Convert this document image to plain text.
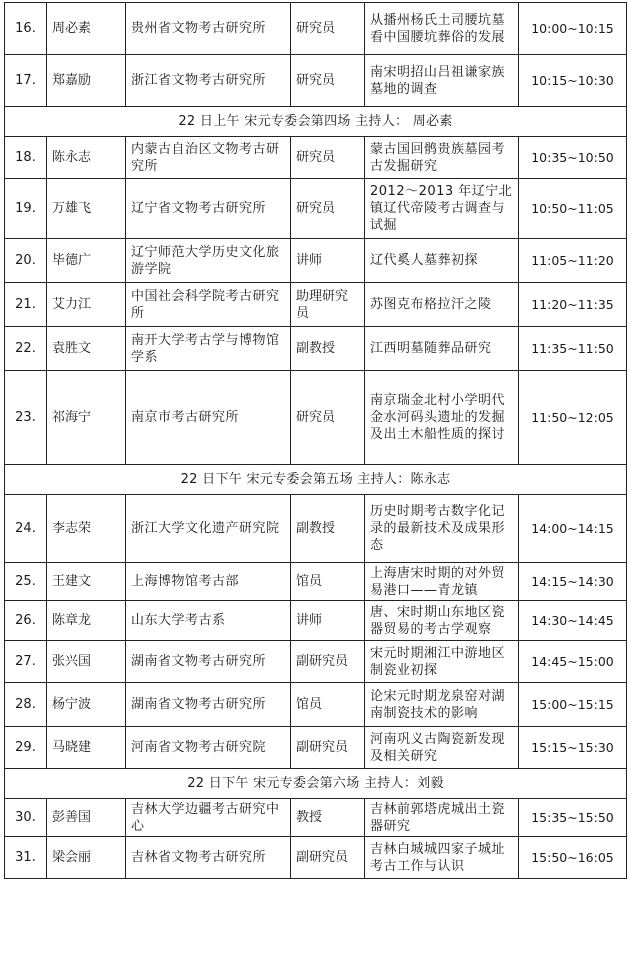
16.	周必素	贵州省文物考古研究所	研究员	从播州杨氏土司腰坑墓看中国腰坑葬俗的发展	10:00~10:15
17.	郑嘉励	浙江省文物考古研究所	研究员	南宋明招山吕祖谦家族墓地的调查	10:15~10:30
22 日上午 宋元专委会第四场 主持人： 周必素					
18.	陈永志	内蒙古自治区文物考古研究所	研究员	蒙古国回鹘贵族墓园考古发掘研究	10:35~10:50
19.	万雄飞	辽宁省文物考古研究所	研究员	2012～2013 年辽宁北镇辽代帝陵考古调查与试掘	10:50~11:05
20.	毕德广	辽宁师范大学历史文化旅游学院	讲师	辽代奚人墓葬初探	11:05~11:20
21.	艾力江	中国社会科学院考古研究所	助理研究员	苏图克布格拉汗之陵	11:20~11:35
22.	袁胜文	南开大学考古学与博物馆学系	副教授	江西明墓随葬品研究	11:35~11:50
23.	祁海宁	南京市考古研究所	研究员	南京瑞金北村小学明代金水河码头遗址的发掘及出土木船性质的探讨	11:50~12:05
22 日下午 宋元专委会第五场 主持人：陈永志					
24.	李志荣	浙江大学文化遗产研究院	副教授	历史时期考古数字化记录的最新技术及成果形态	14:00~14:15
25.	王建文	上海博物馆考古部	馆员	上海唐宋时期的对外贸易港口——青龙镇	14:15~14:30
26.	陈章龙	山东大学考古系	讲师	唐、宋时期山东地区瓷器贸易的考古学观察	14:30~14:45
27.	张兴国	湖南省文物考古研究所	副研究员	宋元时期湘江中游地区制瓷业初探	14:45~15:00
28.	杨宁波	湖南省文物考古研究所	馆员	论宋元时期龙泉窑对湖南制瓷技术的影响	15:00~15:15
29.	马晓建	河南省文物考古研究院	副研究员	河南巩义古陶瓷新发现及相关研究	15:15~15:30
22 日下午 宋元专委会第六场 主持人：刘毅					
30.	彭善国	吉林大学边疆考古研究中心	教授	吉林前郭塔虎城出土瓷器研究	15:35~15:50
31.	梁会丽	吉林省文物考古研究所	副研究员	吉林白城城四家子城址考古工作与认识	15:50~16:05
